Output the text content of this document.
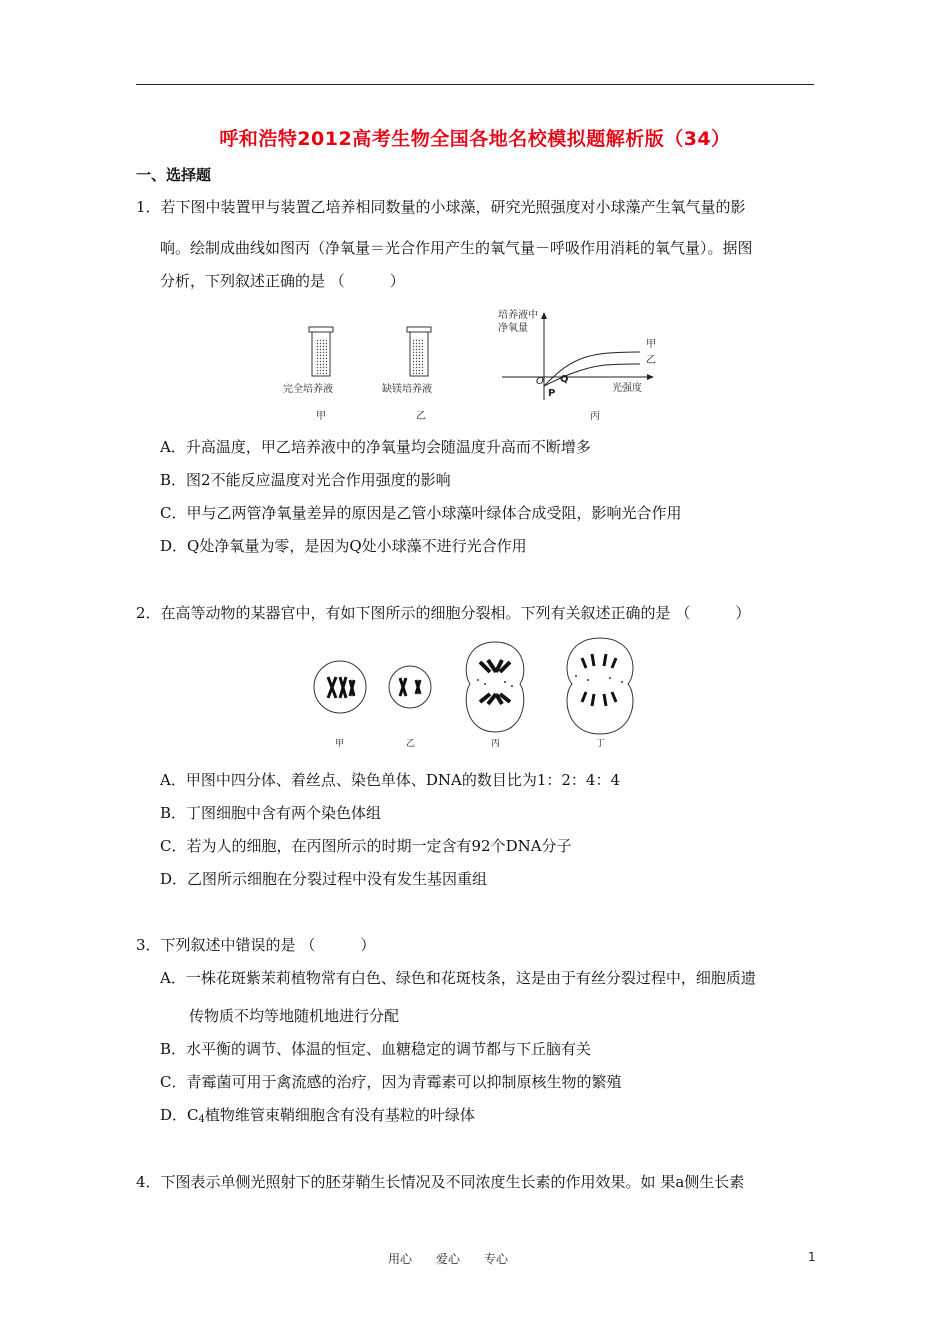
呼和浩特2012高考生物全国各地名校模拟题解析版（34）
一、选择题
1．若下图中装置甲与装置乙培养相同数量的小球藻，研究光照强度对小球藻产生氧气量的影
响。绘制成曲线如图丙（净氧量＝光合作用产生的氧气量－呼吸作用消耗的氧气量）。据图
分析，下列叙述正确的是 （　　　）
完全培养液	缺镁培养液
甲	乙	丙
培养液中
净氧量
甲
乙
O Q
P	光强度
A．升高温度，甲乙培养液中的净氧量均会随温度升高而不断增多
B．图2不能反应温度对光合作用强度的影响
C．甲与乙两管净氧量差异的原因是乙管小球藻叶绿体合成受阻，影响光合作用
D．Q处净氧量为零，是因为Q处小球藻不进行光合作用
2．在高等动物的某器官中，有如下图所示的细胞分裂相。下列有关叙述正确的是 （　　　）
甲	乙	丙	丁
A．甲图中四分体、着丝点、染色单体、DNA的数目比为1：2：4：4
B．丁图细胞中含有两个染色体组
C．若为人的细胞，在丙图所示的时期一定含有92个DNA分子
D．乙图所示细胞在分裂过程中没有发生基因重组
3．下列叙述中错误的是 （　　　）
A．一株花斑紫茉莉植物常有白色、绿色和花斑枝条，这是由于有丝分裂过程中，细胞质遗
传物质不均等地随机地进行分配
B．水平衡的调节、体温的恒定、血糖稳定的调节都与下丘脑有关
C．青霉菌可用于禽流感的治疗，因为青霉素可以抑制原核生物的繁殖
D．$C_4$植物维管束鞘细胞含有没有基粒的叶绿体
4．下图表示单侧光照射下的胚芽鞘生长情况及不同浓度生长素的作用效果。如 果a侧生长素
用心　　爱心　　专心	1
